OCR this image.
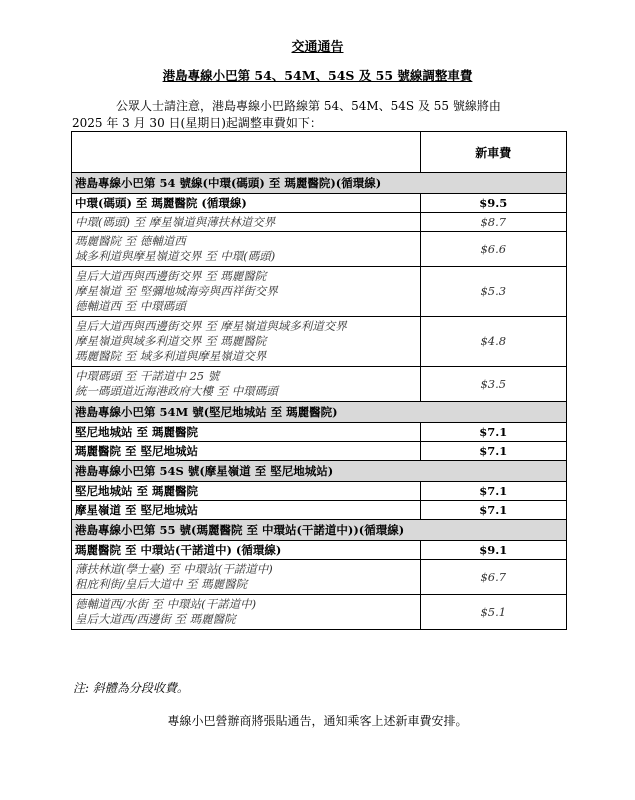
交通通告
港島專線小巴第 54、54M、54S 及 55 號線調整車費
公眾人士請注意，港島專線小巴路線第 54、54M、54S 及 55 號線將由
2025 年 3 月 30 日(星期日)起調整車費如下：
	新車費
港島專線小巴第 54 號線(中環(碼頭) 至 瑪麗醫院)(循環線)	

中環(碼頭) 至 瑪麗醫院 (循環線)	$9.5

中環(碼頭) 至 摩星嶺道與薄扶林道交界	$8.7

瑪麗醫院 至 德輔道西
域多利道與摩星嶺道交界 至 中環(碼頭)	$6.6

皇后大道西與西邊街交界 至 瑪麗醫院
摩星嶺道 至 堅彌地城海旁與西祥街交界
德輔道西 至 中環碼頭	$5.3

皇后大道西與西邊街交界 至 摩星嶺道與域多利道交界
摩星嶺道與域多利道交界 至 瑪麗醫院
瑪麗醫院 至 域多利道與摩星嶺道交界	$4.8

中環碼頭 至 干諾道中 25 號
統一碼頭道近海港政府大樓 至 中環碼頭	$3.5
港島專線小巴第 54M 號(堅尼地城站 至 瑪麗醫院)	

堅尼地城站 至 瑪麗醫院	$7.1

瑪麗醫院 至 堅尼地城站	$7.1
港島專線小巴第 54S 號(摩星嶺道 至 堅尼地城站)	

堅尼地城站 至 瑪麗醫院	$7.1

摩星嶺道 至 堅尼地城站	$7.1
港島專線小巴第 55 號(瑪麗醫院 至 中環站(干諾道中))(循環線)	

瑪麗醫院 至 中環站(干諾道中) (循環線)	$9.1

薄扶林道(學士臺) 至 中環站(干諾道中)
租庇利街/皇后大道中 至 瑪麗醫院	$6.7

德輔道西/水街 至 中環站(干諾道中)
皇后大道西/西邊街 至 瑪麗醫院	$5.1
注: 斜體為分段收費。
專線小巴營辦商將張貼通告，通知乘客上述新車費安排。
